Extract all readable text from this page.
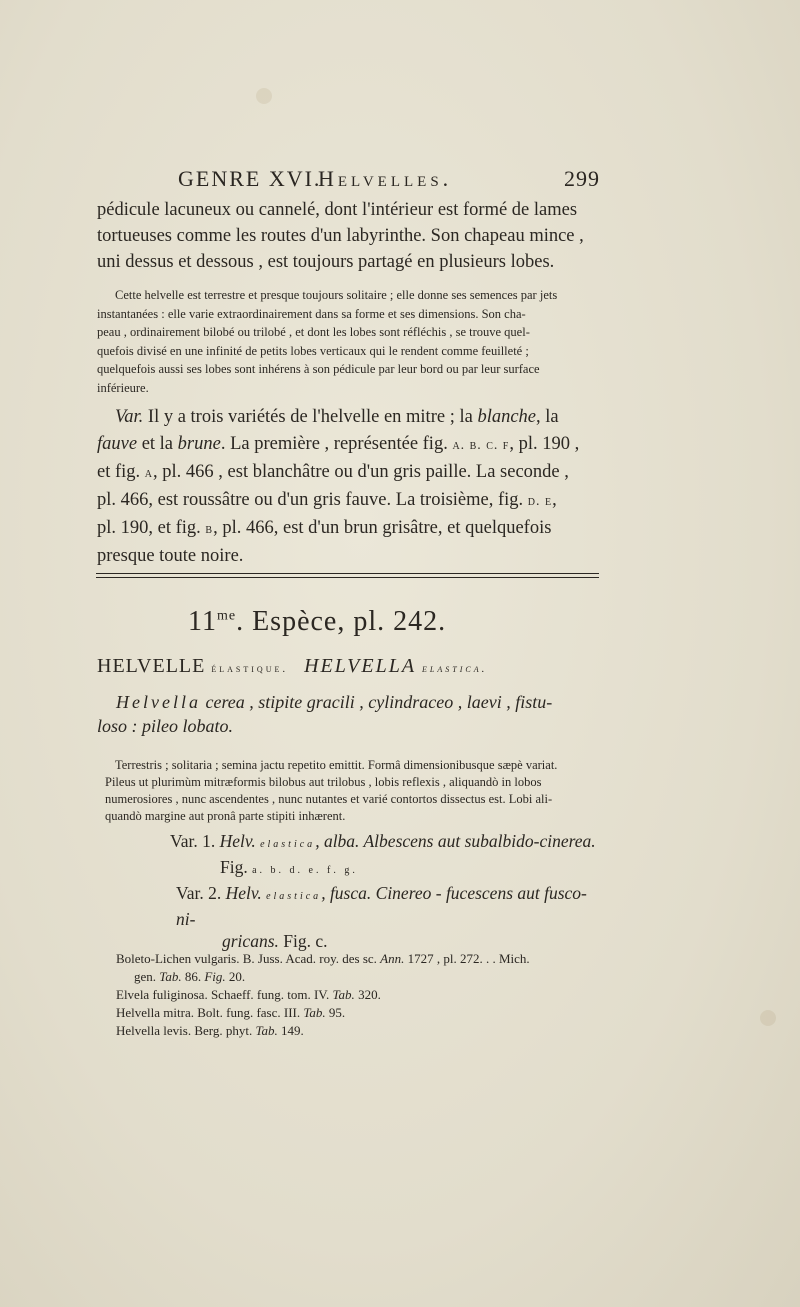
GENRE XVI.
Helvelles.	299
pédicule lacuneux ou cannelé, dont l'intérieur est formé de lames
tortueuses comme les routes d'un labyrinthe. Son chapeau mince ,
uni dessus et dessous , est toujours partagé en plusieurs lobes.
Cette helvelle est terrestre et presque toujours solitaire ; elle donne ses semences par jets
instantanées : elle varie extraordinairement dans sa forme et ses dimensions. Son cha-
peau , ordinairement bilobé ou trilobé , et dont les lobes sont réfléchis , se trouve quel-
quefois divisé en une infinité de petits lobes verticaux qui le rendent comme feuilleté ;
quelquefois aussi ses lobes sont inhérens à son pédicule par leur bord ou par leur surface
inférieure.
Var. Il y a trois variétés de l'helvelle en mitre ; la blanche, la
fauve et la brune. La première , représentée fig. a. b. c. f, pl. 190 ,
et fig. a, pl. 466 , est blanchâtre ou d'un gris paille. La seconde ,
pl. 466, est roussâtre ou d'un gris fauve. La troisième, fig. d. e,
pl. 190, et fig. b, pl. 466, est d'un brun grisâtre, et quelquefois
presque toute noire.
$11^{me}$. Espèce, pl. 242.
HELVELLE élastique. HELVELLA elastica.
Helvella cerea , stipite gracili , cylindraceo , laevi , fistu-
loso : pileo lobato.
Terrestris ; solitaria ; semina jactu repetito emittit. Formâ dimensionibusque sæpè variat.
Pileus ut plurimùm mitræformis bilobus aut trilobus , lobis reflexis , aliquandò in lobos
numerosiores , nunc ascendentes , nunc nutantes et varié contortos dissectus est. Lobi ali-
quandò margine aut pronâ parte stipiti inhærent.
Var. 1. Helv. elastica, alba. Albescens aut subalbido-cinerea.
Fig. a. b. d. e. f. g.
Var. 2. Helv. elastica, fusca. Cinereo - fucescens aut fusco-ni-
gricans. Fig. c.
Boleto-Lichen vulgaris. B. Juss. Acad. roy. des sc. Ann. 1727 , pl. 272. . . Mich.
gen. Tab. 86. Fig. 20.
Elvela fuliginosa. Schaeff. fung. tom. IV. Tab. 320.
Helvella mitra. Bolt. fung. fasc. III. Tab. 95.
Helvella levis. Berg. phyt. Tab. 149.
